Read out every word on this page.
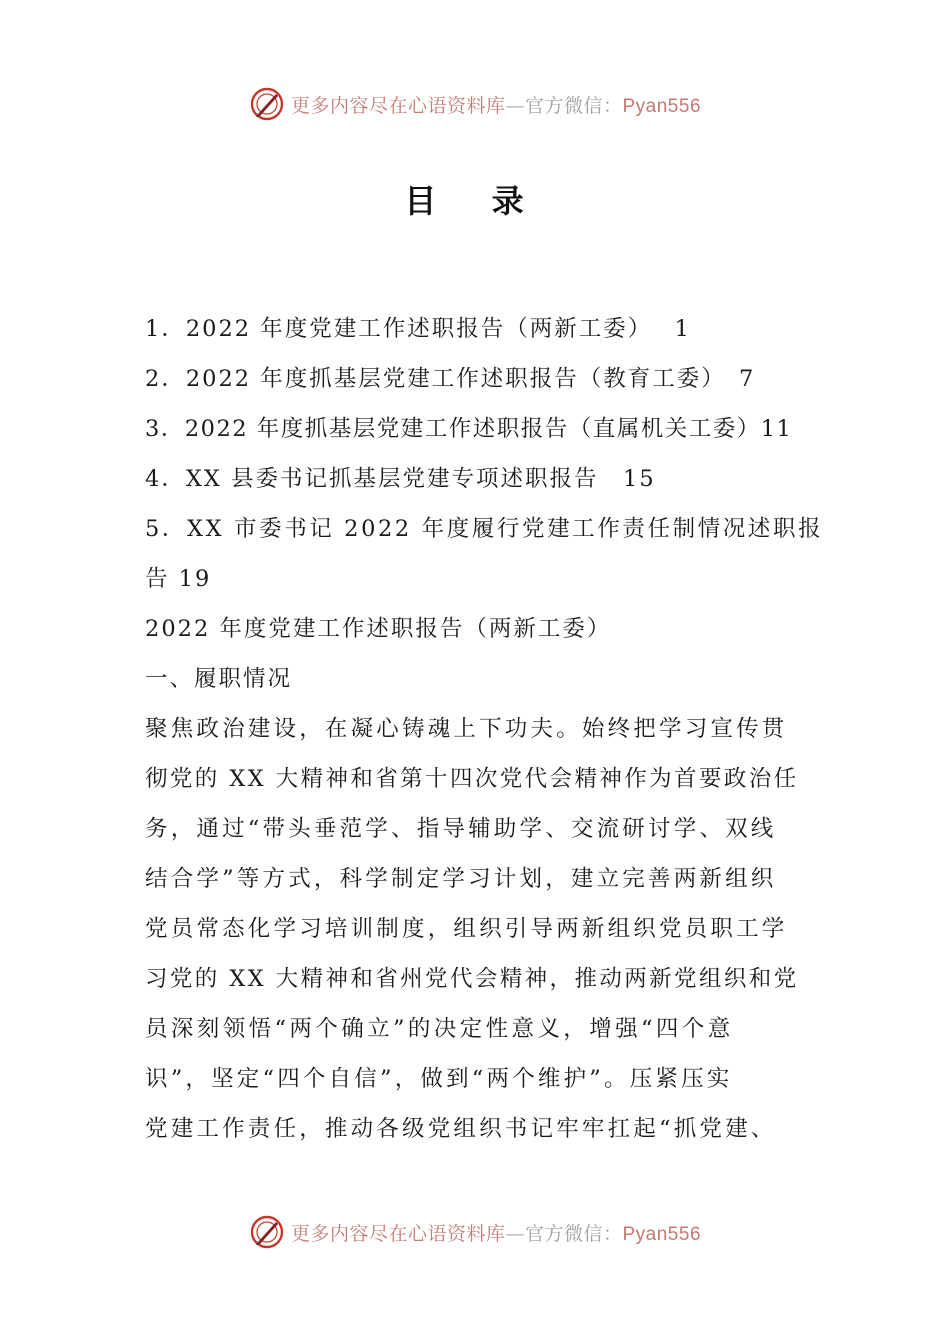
更多内容尽在心语资料库—官方微信：Pyan556
目 录
1．2022 年度党建工作述职报告（两新工委）　 1
2．2022 年度抓基层党建工作述职报告（教育工委）　7
3．2022 年度抓基层党建工作述职报告（直属机关工委）11
4．XX 县委书记抓基层党建专项述职报告　15
5．XX 市委书记 2022 年度履行党建工作责任制情况述职报
告 19
2022 年度党建工作述职报告（两新工委）
一、履职情况
聚焦政治建设，在凝心铸魂上下功夫。始终把学习宣传贯
彻党的 XX 大精神和省第十四次党代会精神作为首要政治任
务，通过“带头垂范学、指导辅助学、交流研讨学、双线
结合学”等方式，科学制定学习计划，建立完善两新组织
党员常态化学习培训制度，组织引导两新组织党员职工学
习党的 XX 大精神和省州党代会精神，推动两新党组织和党
员深刻领悟“两个确立”的决定性意义，增强“四个意
识”，坚定“四个自信”，做到“两个维护”。压紧压实
党建工作责任，推动各级党组织书记牢牢扛起“抓党建、
更多内容尽在心语资料库—官方微信：Pyan556
